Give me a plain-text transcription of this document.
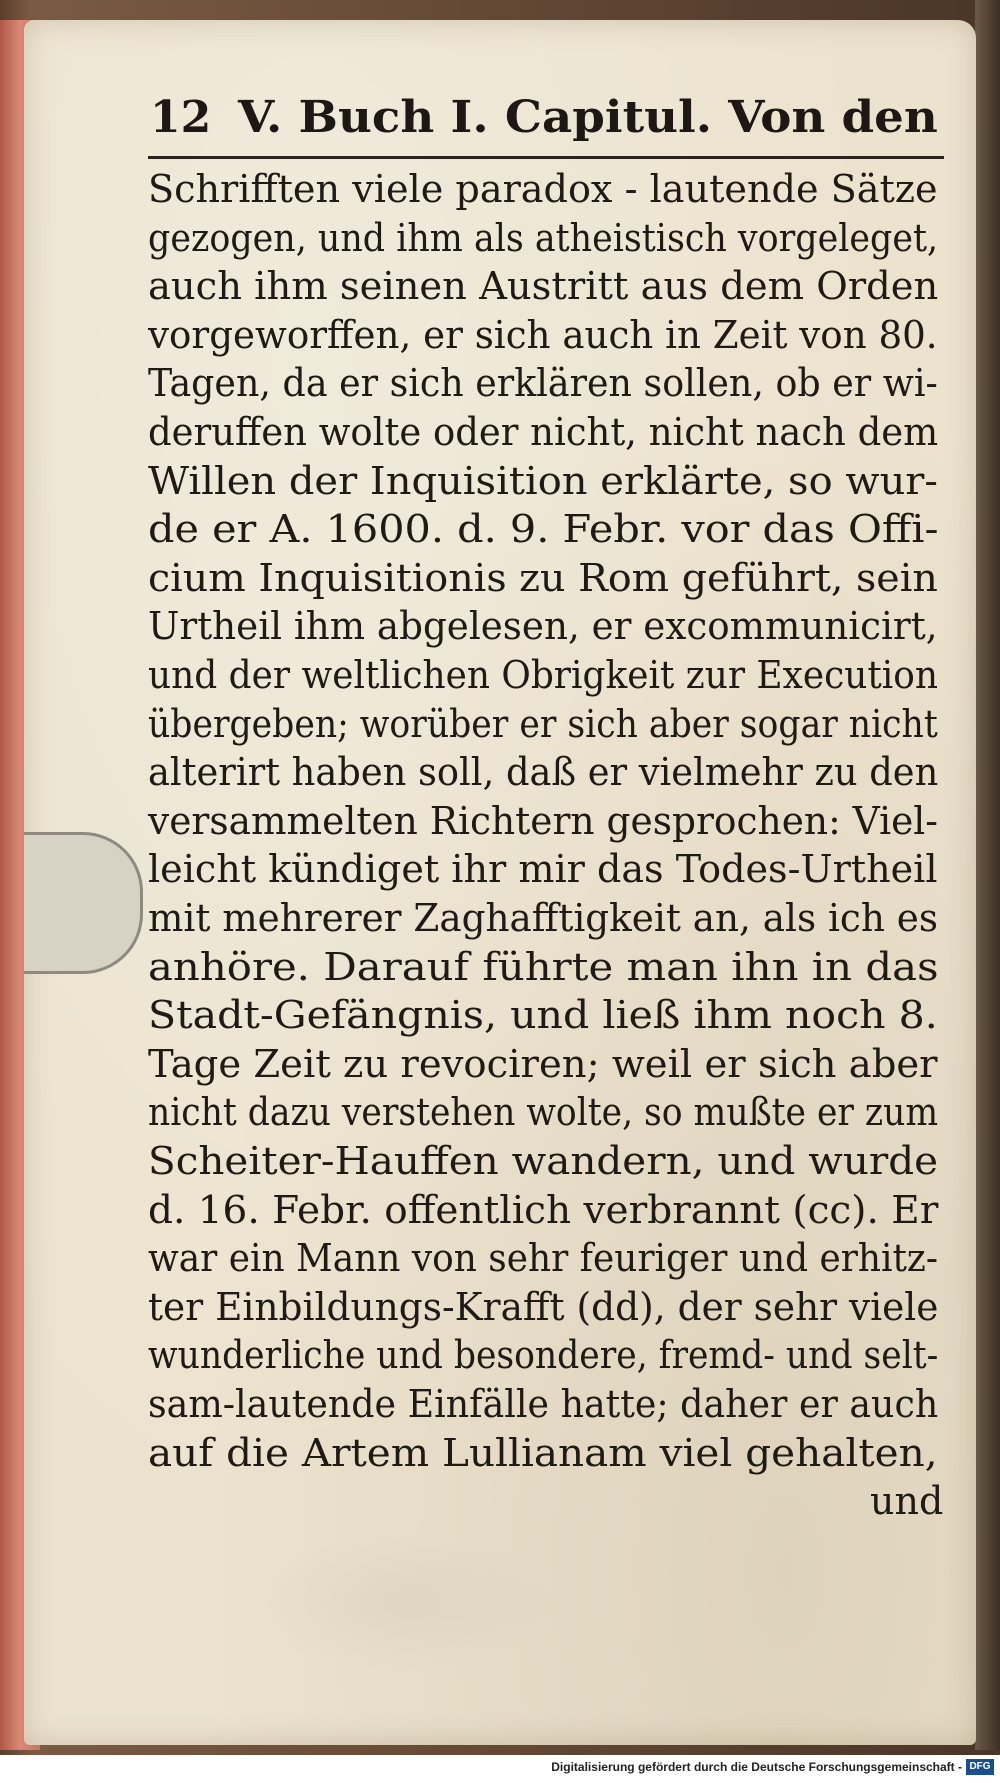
12 V. Buch I. Capitul. Von den
Schrifften viele paradox - lautende Sätze
gezogen, und ihm als atheistisch vorgeleget,
auch ihm seinen Austritt aus dem Orden
vorgeworffen, er sich auch in Zeit von 80.
Tagen, da er sich erklären sollen, ob er wi-
deruffen wolte oder nicht, nicht nach dem
Willen der Inquisition erklärte, so wur-
de er A. 1600. d. 9. Febr. vor das Offi-
cium Inquisitionis zu Rom geführt, sein
Urtheil ihm abgelesen, er excommunicirt,
und der weltlichen Obrigkeit zur Execution
übergeben; worüber er sich aber sogar nicht
alterirt haben soll, daß er vielmehr zu den
versammelten Richtern gesprochen: Viel-
leicht kündiget ihr mir das Todes-Urtheil
mit mehrerer Zaghafftigkeit an, als ich es
anhöre. Darauf führte man ihn in das
Stadt-Gefängnis, und ließ ihm noch 8.
Tage Zeit zu revociren; weil er sich aber
nicht dazu verstehen wolte, so mußte er zum
Scheiter-Hauffen wandern, und wurde
d. 16. Febr. offentlich verbrannt (cc). Er
war ein Mann von sehr feuriger und erhitz-
ter Einbildungs-Krafft (dd), der sehr viele
wunderliche und besondere, fremd- und selt-
sam-lautende Einfälle hatte; daher er auch
auf die Artem Lullianam viel gehalten,
und
Digitalisierung gefördert durch die Deutsche Forschungsgemeinschaft - DFG
